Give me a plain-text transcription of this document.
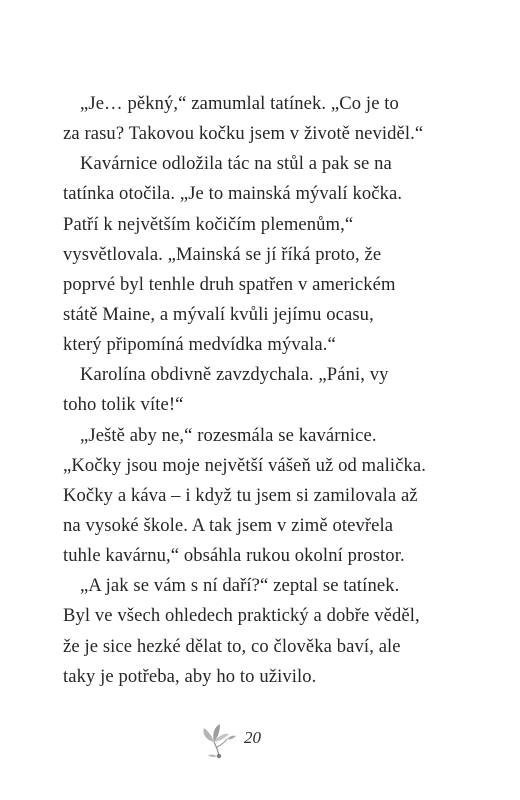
„Je… pěkný,“ zamumlal tatínek. „Co je to
za rasu? Takovou kočku jsem v životě neviděl.“
Kavárnice odložila tác na stůl a pak se na
tatínka otočila. „Je to mainská mývalí kočka.
Patří k největším kočičím plemenům,“
vysvětlovala. „Mainská se jí říká proto, že
poprvé byl tenhle druh spatřen v americkém
státě Maine, a mývalí kvůli jejímu ocasu,
který připomíná medvídka mývala.“
Karolína obdivně zavzdychala. „Páni, vy
toho tolik víte!“
„Ještě aby ne,“ rozesmála se kavárnice.
„Kočky jsou moje největší vášeň už od malička.
Kočky a káva – i když tu jsem si zamilovala až
na vysoké škole. A tak jsem v zimě otevřela
tuhle kavárnu,“ obsáhla rukou okolní prostor.
„A jak se vám s ní daří?“ zeptal se tatínek.
Byl ve všech ohledech praktický a dobře věděl,
že je sice hezké dělat to, co člověka baví, ale
taky je potřeba, aby ho to uživilo.
20
